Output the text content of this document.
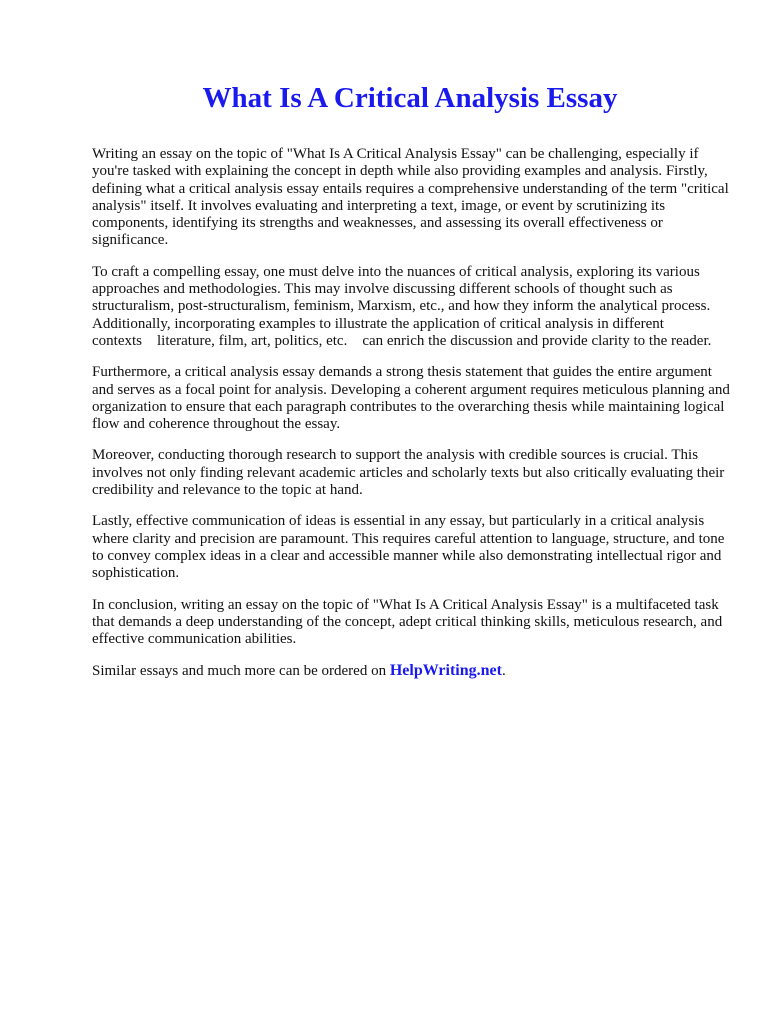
What Is A Critical Analysis Essay

Writing an essay on the topic of "What Is A Critical Analysis Essay" can be challenging, especially if you're tasked with explaining the concept in depth while also providing examples and analysis. Firstly, defining what a critical analysis essay entails requires a comprehensive understanding of the term "critical analysis" itself. It involves evaluating and interpreting a text, image, or event by scrutinizing its components, identifying its strengths and weaknesses, and assessing its overall effectiveness or significance.

To craft a compelling essay, one must delve into the nuances of critical analysis, exploring its various approaches and methodologies. This may involve discussing different schools of thought such as structuralism, post-structuralism, feminism, Marxism, etc., and how they inform the analytical process. Additionally, incorporating examples to illustrate the application of critical analysis in different contexts    literature, film, art, politics, etc.    can enrich the discussion and provide clarity to the reader.

Furthermore, a critical analysis essay demands a strong thesis statement that guides the entire argument and serves as a focal point for analysis. Developing a coherent argument requires meticulous planning and organization to ensure that each paragraph contributes to the overarching thesis while maintaining logical flow and coherence throughout the essay.

Moreover, conducting thorough research to support the analysis with credible sources is crucial. This involves not only finding relevant academic articles and scholarly texts but also critically evaluating their credibility and relevance to the topic at hand.

Lastly, effective communication of ideas is essential in any essay, but particularly in a critical analysis where clarity and precision are paramount. This requires careful attention to language, structure, and tone to convey complex ideas in a clear and accessible manner while also demonstrating intellectual rigor and sophistication.

In conclusion, writing an essay on the topic of "What Is A Critical Analysis Essay" is a multifaceted task that demands a deep understanding of the concept, adept critical thinking skills, meticulous research, and effective communication abilities.

Similar essays and much more can be ordered on HelpWriting.net.
